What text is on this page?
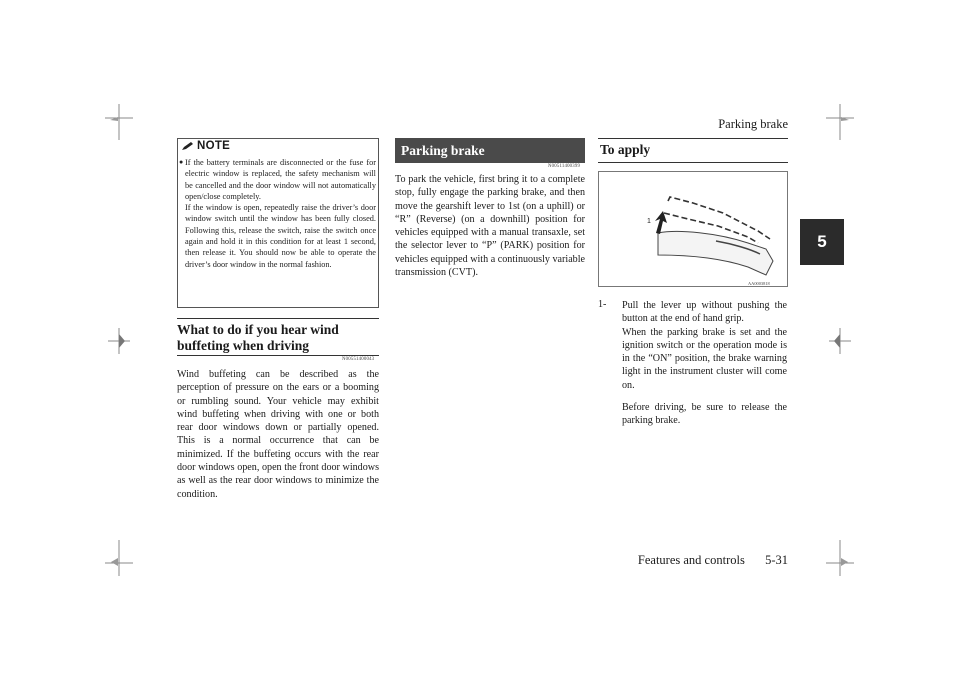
Parking brake
5
NOTE
● If the battery terminals are disconnected or the fuse for electric window is replaced, the safety mechanism will be cancelled and the door window will not automatically open/close completely.

If the window is open, repeatedly raise the driver’s door window switch until the window has been fully closed. Following this, release the switch, raise the switch once again and hold it in this condition for at least 1 second, then release it. You should now be able to operate the driver’s door window in the normal fashion.

What to do if you hear wind buffeting when driving
N00551400043
Wind buffeting can be described as the perception of pressure on the ears or a booming or rumbling sound. Your vehicle may exhibit wind buffeting when driving with one or both rear door windows down or partially opened. This is a normal occurrence that can be minimized. If the buffeting occurs with the rear door windows open, open the front door windows as well as the rear door windows to minimize the condition.
Parking brake
N00511400399
To park the vehicle, first bring it to a complete stop, fully engage the parking brake, and then move the gearshift lever to 1st (on a uphill) or “R” (Reverse) (on a downhill) position for vehicles equipped with a manual transaxle, set the selector lever to “P” (PARK) position for vehicles equipped with a continuously variable transmission (CVT).
To apply
1
AA0003818
1- Pull the lever up without pushing the button at the end of hand grip.
When the parking brake is set and the ignition switch or the operation mode is in the “ON” position, the brake warning light in the instrument cluster will come on.
Before driving, be sure to release the parking brake.
Features and controls 5-31
